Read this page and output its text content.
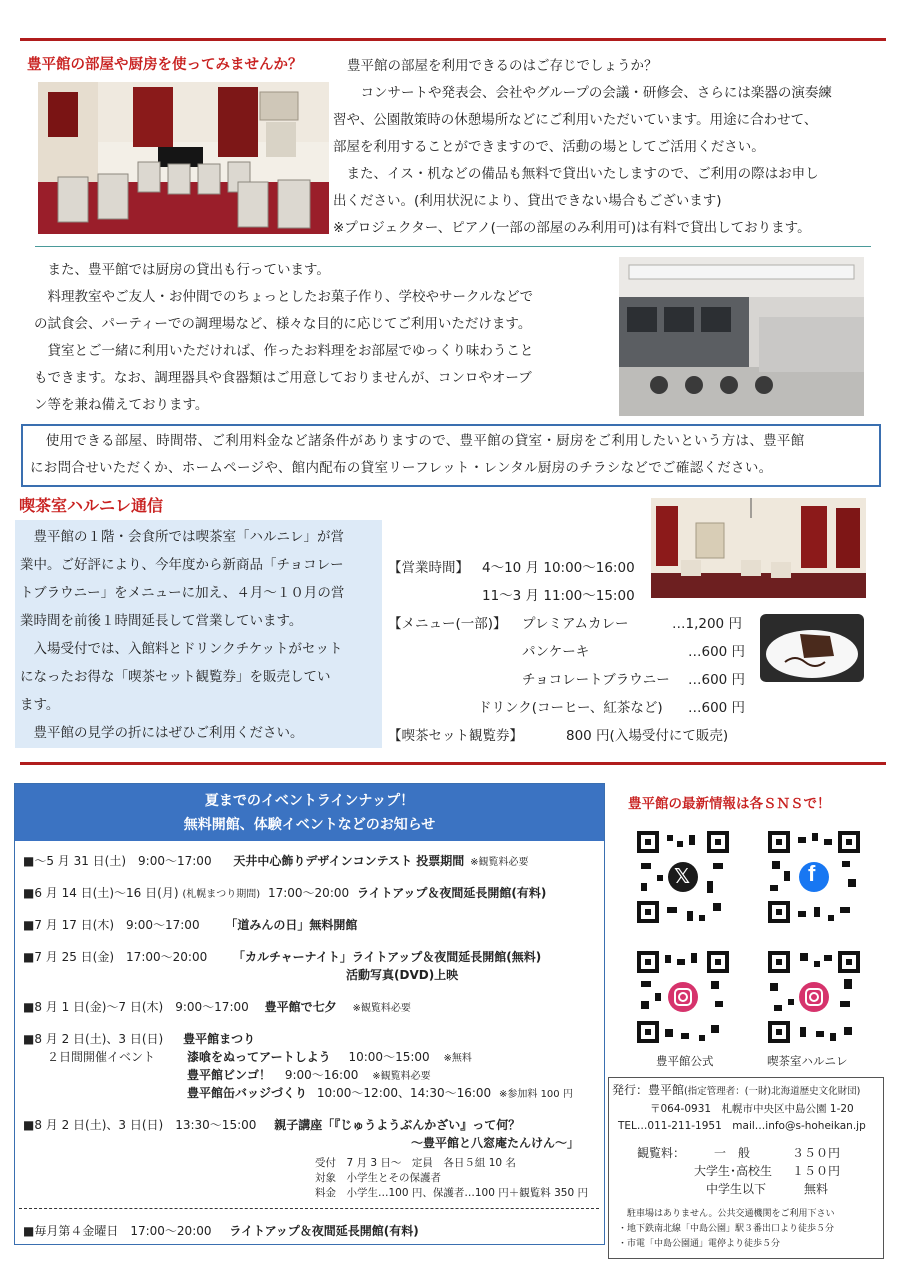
豊平館の部屋や厨房を使ってみませんか？	豊平館の部屋を利用できるのはご存じでしょうか？
　コンサートや発表会、会社やグループの会議・研修会、さらには楽器の演奏練
習や、公園散策時の休憩場所などにご利用いただいています。用途に合わせて、
部屋を利用することができますので、活動の場としてご活用ください。
　また、イス・机などの備品も無料で貸出いたしますので、ご利用の際はお申し
出ください。(利用状況により、貸出できない場合もございます)
※プロジェクター、ピアノ(一部の部屋のみ利用可)は有料で貸出しております。
　また、豊平館では厨房の貸出も行っています。
　料理教室やご友人・お仲間でのちょっとしたお菓子作り、学校やサークルなどで
の試食会、パーティーでの調理場など、様々な目的に応じてご利用いただけます。
　貸室とご一緒に利用いただければ、作ったお料理をお部屋でゆっくり味わうこと
もできます。なお、調理器具や食器類はご用意しておりませんが、コンロやオーブ
ン等を兼ね備えております。
　使用できる部屋、時間帯、ご利用料金など諸条件がありますので、豊平館の貸室・厨房をご利用したいという方は、豊平館
にお問合せいただくか、ホームページや、館内配布の貸室リーフレット・レンタル厨房のチラシなどでご確認ください。
喫茶室ハルニレ通信
　豊平館の１階・会食所では喫茶室「ハルニレ」が営
業中。ご好評により、今年度から新商品「チョコレー
トブラウニー」をメニューに加え、４月～１０月の営
業時間を前後１時間延長して営業しています。
　入場受付では、入館料とドリンクチケットがセット
になったお得な「喫茶セット観覧券」を販売してい
ます。
　豊平館の見学の折にはぜひご利用ください。
【営業時間】 4～10 月 10:00～16:00
11～3 月 11:00～15:00
【メニュー(一部)】 プレミアムカレー	…1,200 円
パンケーキ	…600 円
チョコレートブラウニー …600 円
ドリンク(コーヒー、紅茶など) …600 円
【喫茶セット観覧券】	800 円(入場受付にて販売)
夏までのイベントラインナップ！
無料開館、体験イベントなどのお知らせ
■～5 月 31 日(土)　9:00～17:00 天井中心飾りデザインコンテスト 投票期間 ※観覧料必要
■6 月 14 日(土)～16 日(月) (札幌まつり期間) 17:00～20:00 ライトアップ＆夜間延長開館(有料)
■7 月 17 日(木)　9:00～17:00 「道みんの日」無料開館
■7 月 25 日(金)　17:00～20:00 「カルチャーナイト」ライトアップ＆夜間延長開館(無料)
活動写真(DVD)上映
■8 月 1 日(金)～7 日(木)　9:00～17:00 豊平館で七夕 ※観覧料必要
■8 月 2 日(土)、3 日(日) 豊平館まつり
２日間開催イベント	漆喰をぬってアートしよう 10:00～15:00 ※無料
豊平館ビンゴ！ 9:00～16:00 ※観覧料必要
豊平館缶バッジづくり 10:00～12:00、14:30～16:00 ※参加料 100 円
■8 月 2 日(土)、3 日(日)　13:30～15:00 親子講座「『じゅうようぶんかざい』って何？
～豊平館と八窓庵たんけん～」
受付　7 月 3 日～　定員　各日５組 10 名
対象　小学生とその保護者
料金　小学生…100 円、保護者…100 円＋観覧料 350 円
■毎月第４金曜日　17:00～20:00 ライトアップ＆夜間延長開館(有料)
豊平館の最新情報は各ＳＮＳで！
𝕏	f
豊平館公式	喫茶室ハルニレ
発行：豊平館(指定管理者：(一財)北海道歴史文化財団)
〒064-0931　札幌市中央区中島公園 1-20
TEL…011-211-1951　mail…info@s-hoheikan.jp
観覧料： 一　般	３５０円
大学生･高校生 １５０円
中学生以下	無料
駐車場はありません。公共交通機関をご利用下さい
・地下鉄南北線「中島公園」駅３番出口より徒歩５分
・市電「中島公園通」電停より徒歩５分
